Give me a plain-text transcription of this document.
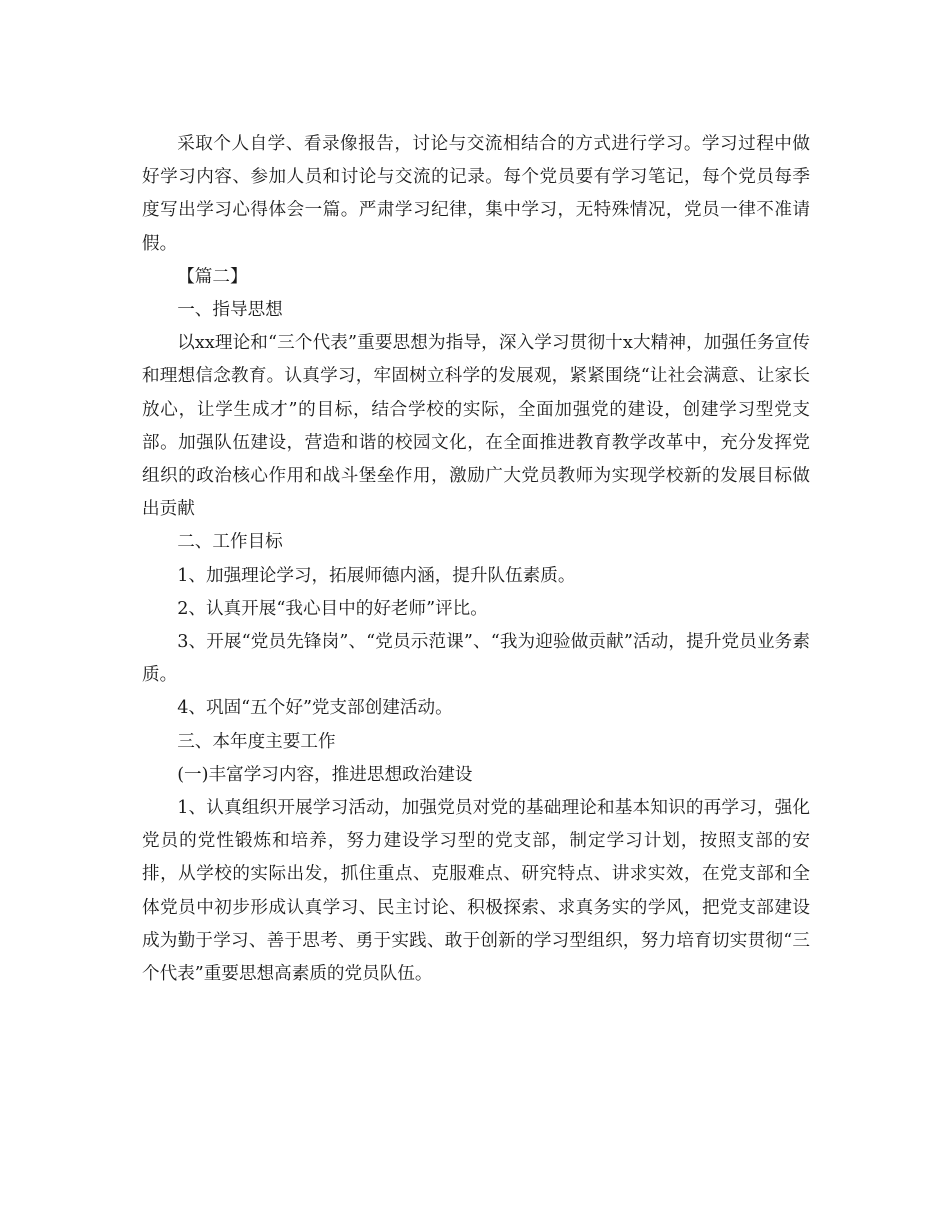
采取个人自学、看录像报告，讨论与交流相结合的方式进行学习。学习过程中做好学习内容、参加人员和讨论与交流的记录。每个党员要有学习笔记，每个党员每季度写出学习心得体会一篇。严肃学习纪律，集中学习，无特殊情况，党员一律不准请假。

【篇二】

一、指导思想

以xx理论和“三个代表”重要思想为指导，深入学习贯彻十x大精神，加强任务宣传和理想信念教育。认真学习，牢固树立科学的发展观，紧紧围绕“让社会满意、让家长放心，让学生成才”的目标，结合学校的实际，全面加强党的建设，创建学习型党支部。加强队伍建设，营造和谐的校园文化，在全面推进教育教学改革中，充分发挥党组织的政治核心作用和战斗堡垒作用，激励广大党员教师为实现学校新的发展目标做出贡献

二、工作目标

1、加强理论学习，拓展师德内涵，提升队伍素质。

2、认真开展“我心目中的好老师”评比。

3、开展“党员先锋岗”、“党员示范课”、“我为迎验做贡献”活动，提升党员业务素质。

4、巩固“五个好”党支部创建活动。

三、本年度主要工作

(一)丰富学习内容，推进思想政治建设

1、认真组织开展学习活动，加强党员对党的基础理论和基本知识的再学习，强化党员的党性锻炼和培养，努力建设学习型的党支部，制定学习计划，按照支部的安排，从学校的实际出发，抓住重点、克服难点、研究特点、讲求实效，在党支部和全体党员中初步形成认真学习、民主讨论、积极探索、求真务实的学风，把党支部建设成为勤于学习、善于思考、勇于实践、敢于创新的学习型组织，努力培育切实贯彻“三个代表”重要思想高素质的党员队伍。
